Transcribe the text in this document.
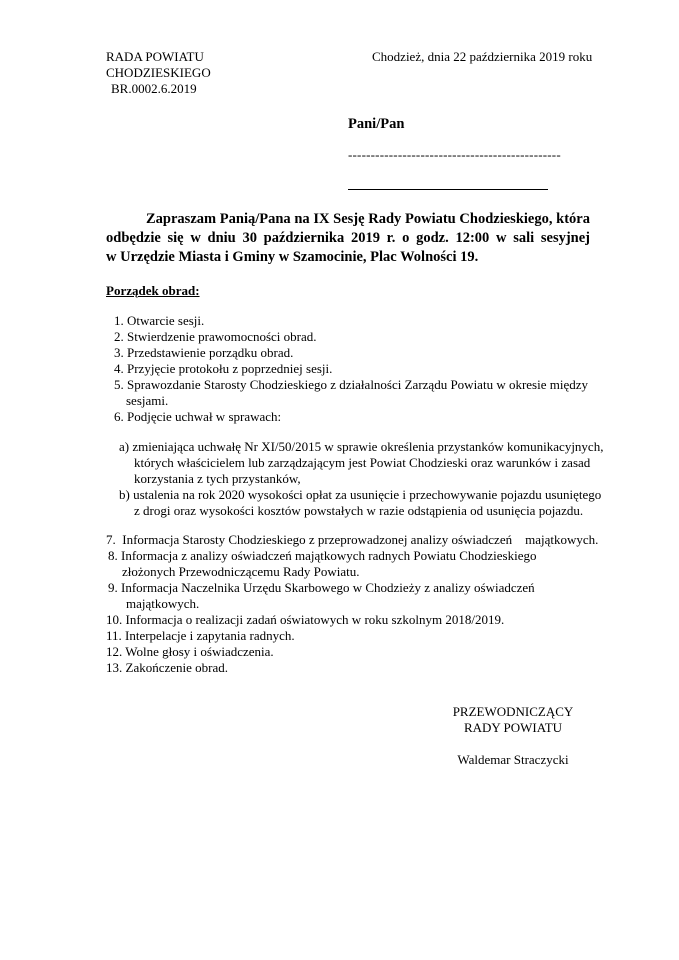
RADA POWIATU
CHODZIESKIEGO
BR.0002.6.2019
Chodzież, dnia 22 października 2019 roku
Pani/Pan
-----------------------------------------------
Zapraszam Panią/Pana na IX Sesję Rady Powiatu Chodzieskiego, która
odbędzie się w dniu 30 października 2019 r. o godz. 12:00 w sali sesyjnej
w Urzędzie Miasta i Gminy w Szamocinie, Plac Wolności 19.
Porządek obrad:
1. Otwarcie sesji.
2. Stwierdzenie prawomocności obrad.
3. Przedstawienie porządku obrad.
4. Przyjęcie protokołu z poprzedniej sesji.
5. Sprawozdanie Starosty Chodzieskiego z działalności Zarządu Powiatu w okresie między
sesjami.
6. Podjęcie uchwał w sprawach:
a) zmieniająca uchwałę Nr XI/50/2015 w sprawie określenia przystanków komunikacyjnych,
których właścicielem lub zarządzającym jest Powiat Chodzieski oraz warunków i zasad
korzystania z tych przystanków,
b) ustalenia na rok 2020 wysokości opłat za usunięcie i przechowywanie pojazdu usuniętego
z drogi oraz wysokości kosztów powstałych w razie odstąpienia od usunięcia pojazdu.
7.  Informacja Starosty Chodzieskiego z przeprowadzonej analizy oświadczeń    majątkowych.
8. Informacja z analizy oświadczeń majątkowych radnych Powiatu Chodzieskiego
złożonych Przewodniczącemu Rady Powiatu.
9. Informacja Naczelnika Urzędu Skarbowego w Chodzieży z analizy oświadczeń
majątkowych.
10. Informacja o realizacji zadań oświatowych w roku szkolnym 2018/2019.
11. Interpelacje i zapytania radnych.
12. Wolne głosy i oświadczenia.
13. Zakończenie obrad.
PRZEWODNICZĄCY
RADY POWIATU
Waldemar Straczycki
